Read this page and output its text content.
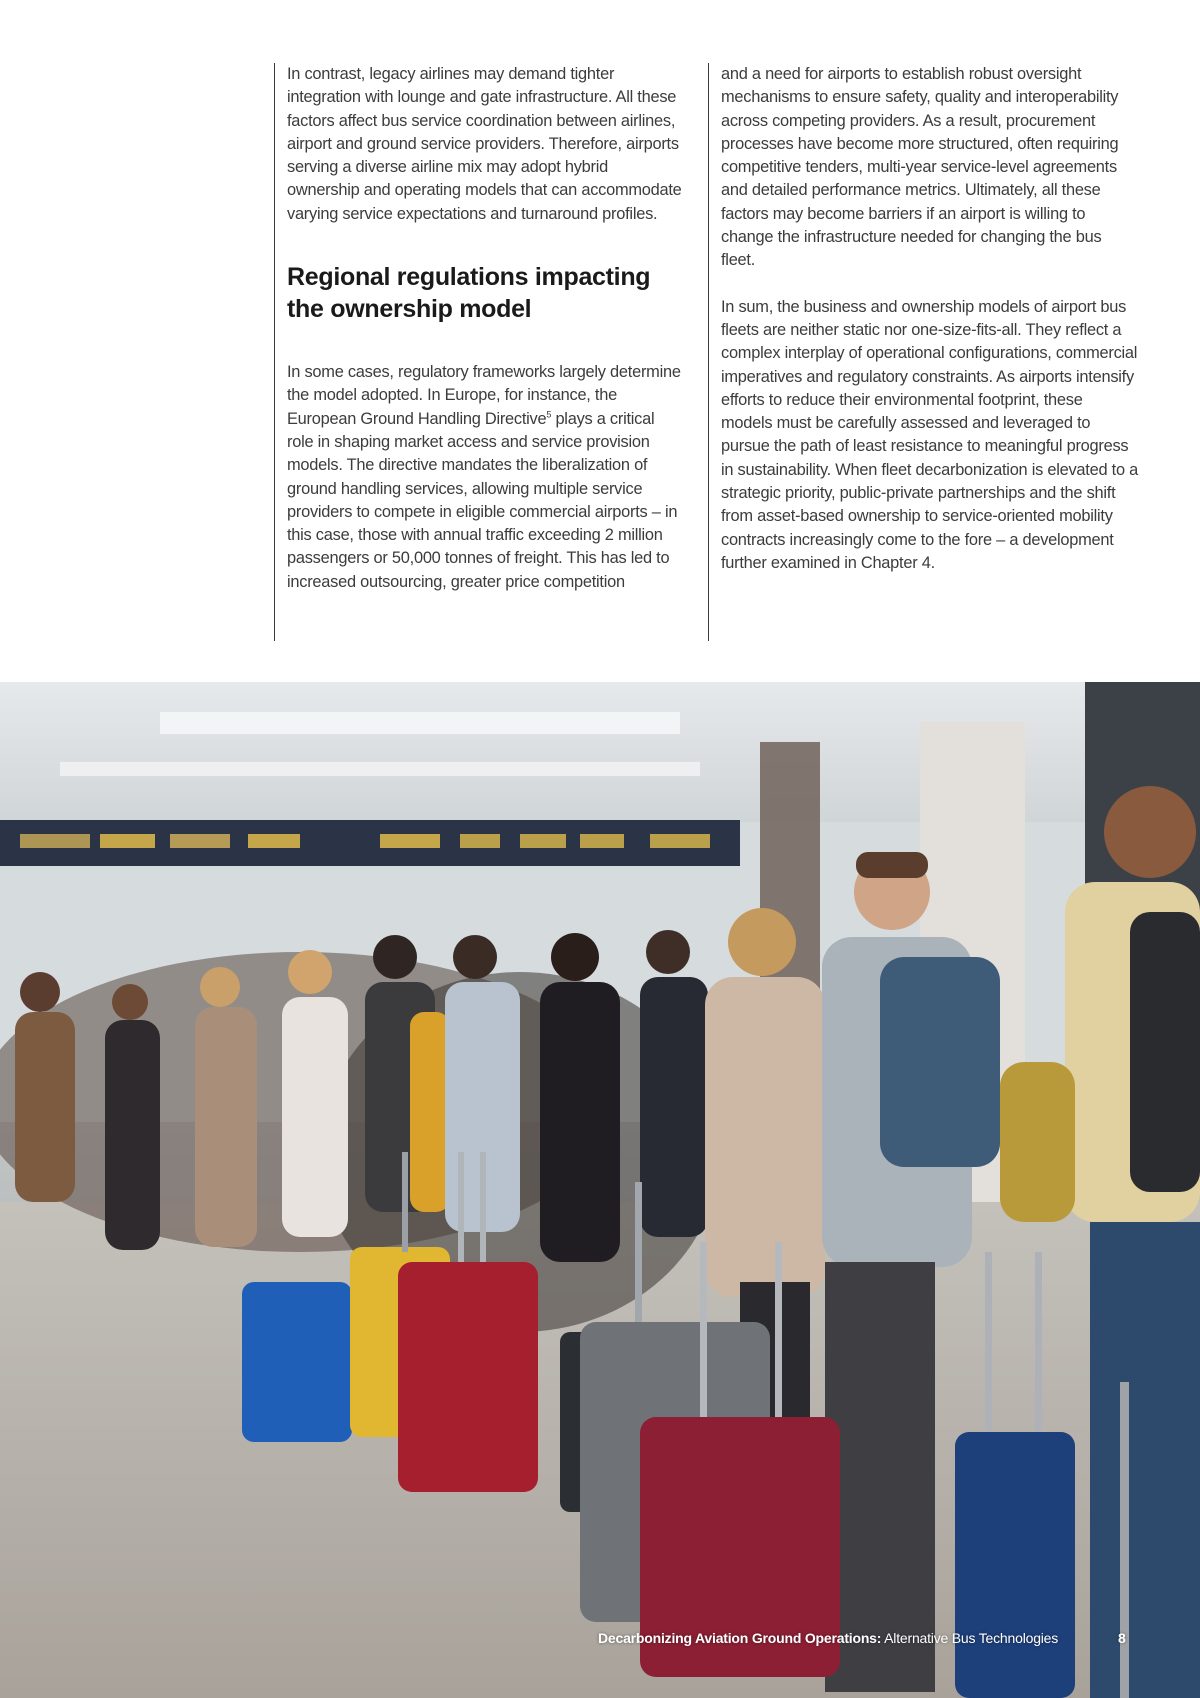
In contrast, legacy airlines may demand tighter integration with lounge and gate infrastructure. All these factors affect bus service coordination between airlines, airport and ground service providers. Therefore, airports serving a diverse airline mix may adopt hybrid ownership and operating models that can accommodate varying service expectations and turnaround profiles.

Regional regulations impacting the ownership model

In some cases, regulatory frameworks largely determine the model adopted. In Europe, for instance, the European Ground Handling Directive$^5$ plays a critical role in shaping market access and service provision models. The directive mandates the liberalization of ground handling services, allowing multiple service providers to compete in eligible commercial airports – in this case, those with annual traffic exceeding 2 million passengers or 50,000 tonnes of freight. This has led to increased outsourcing, greater price competition

and a need for airports to establish robust oversight mechanisms to ensure safety, quality and interoperability across competing providers. As a result, procurement processes have become more structured, often requiring competitive tenders, multi-year service-level agreements and detailed performance metrics. Ultimately, all these factors may become barriers if an airport is willing to change the infrastructure needed for changing the bus fleet.

In sum, the business and ownership models of airport bus fleets are neither static nor one-size-fits-all. They reflect a complex interplay of operational configurations, commercial imperatives and regulatory constraints. As airports intensify efforts to reduce their environmental footprint, these models must be carefully assessed and leveraged to pursue the path of least resistance to meaningful progress in sustainability. When fleet decarbonization is elevated to a strategic priority, public-private partnerships and the shift from asset-based ownership to service-oriented mobility contracts increasingly come to the fore – a development further examined in Chapter 4.

Decarbonizing Aviation Ground Operations: Alternative Bus Technologies	8
